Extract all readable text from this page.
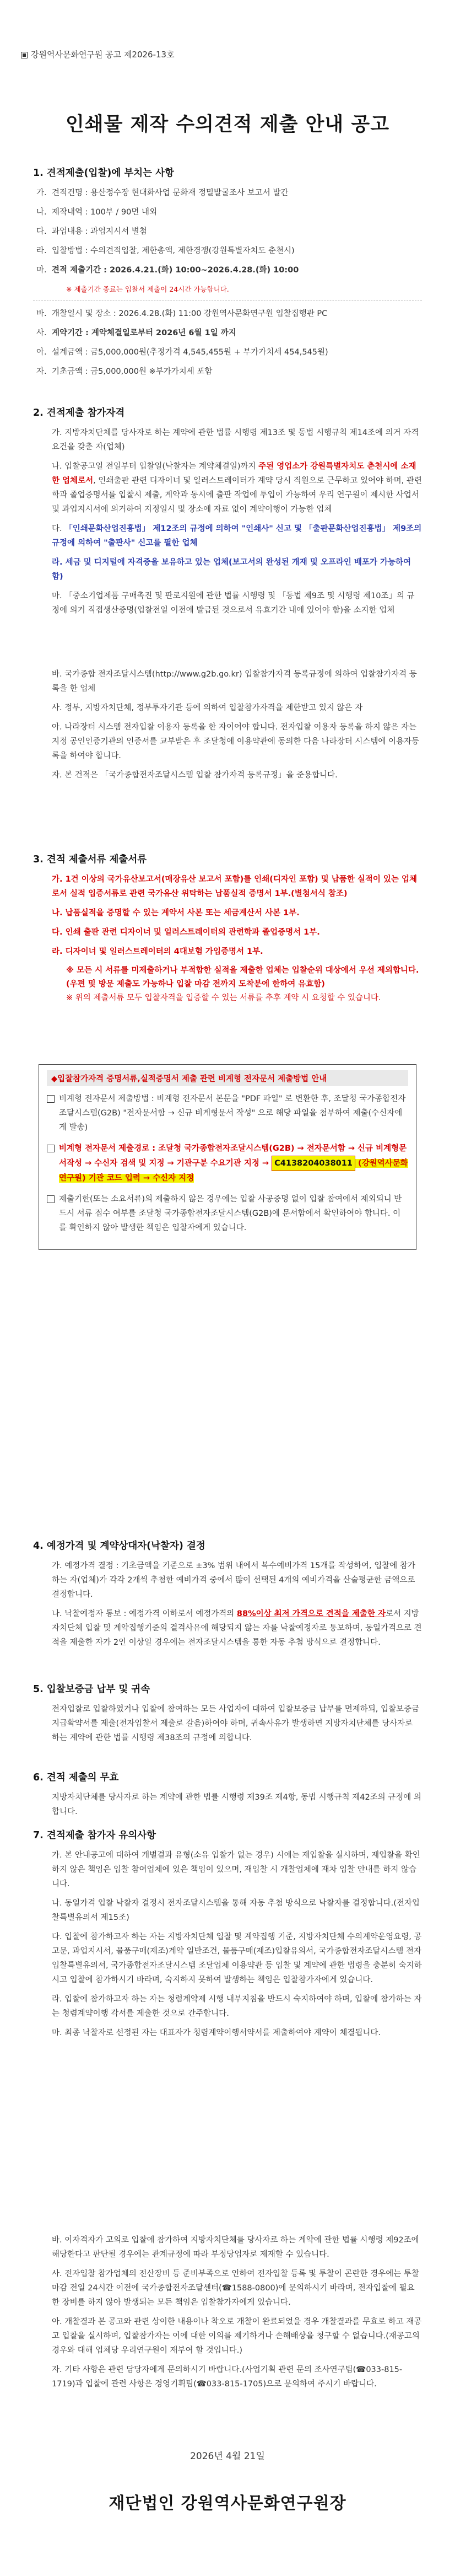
강원역사문화연구원 공고 제2026-13호
인쇄물 제작 수의견적 제출 안내 공고
1. 견적제출(입찰)에 부치는 사항
가. 견적건명 : 용산정수장 현대화사업 문화재 정밀발굴조사 보고서 발간
나. 제작내역 : 100부 / 90면 내외
다. 과업내용 : 과업지시서 별첨
라. 입찰방법 : 수의견적입찰, 제한총액, 제한경쟁(강원특별자치도 춘천시)
마. 견적 제출기간 : 2026.4.21.(화) 10:00~2026.4.28.(화) 10:00
※ 제출기간 종료는 입찰서 제출이 24시간 가능합니다.
바. 개찰일시 및 장소 : 2026.4.28.(화) 11:00 강원역사문화연구원 입찰집행관 PC
사. 계약기간 : 계약체결일로부터 2026년 6월 1일 까지
아. 설계금액 : 금5,000,000원(추정가격 4,545,455원 + 부가가치세 454,545원)
자. 기초금액 : 금5,000,000원 ※부가가치세 포함
2. 견적제출 참가자격
가. 지방자치단체를 당사자로 하는 계약에 관한 법률 시행령 제13조 및 동법 시행규칙 제14조에 의거 자격요건을 갖춘 자(업체)
나. 입찰공고일 전일부터 입찰일(낙찰자는 계약체결일)까지 주된 영업소가 강원특별자치도 춘천시에 소재한 업체로서, 인쇄출판 관련 디자이너 및 일러스트레이터가 계약 당시 직원으로 근무하고 있어야 하며, 관련학과 졸업증명서를 입찰시 제출, 계약과 동시에 출판 작업에 투입이 가능하여 우리 연구원이 제시한 사업서 및 과업지시서에 의거하여 지정일시 및 장소에 자료 없이 계약이행이 가능한 업체
다. 「인쇄문화산업진흥법」 제12조의 규정에 의하여 "인쇄사" 신고 및 「출판문화산업진흥법」 제9조의 규정에 의하여 "출판사" 신고를 필한 업체
라. 세금 및 디지털에 자격증을 보유하고 있는 업체(보고서의 완성된 개재 및 오프라인 배포가 가능하여 함)
마. 「중소기업제품 구매촉진 및 판로지원에 관한 법률 시행령 및 「동법 제9조 및 시행령 제10조」의 규정에 의거 직접생산증명(입찰전일 이전에 발급된 것으로서 유효기간 내에 있어야 함)을 소지한 업체
바. 국가종합 전자조달시스템(http://www.g2b.go.kr) 입찰참가자격 등록규정에 의하여 입찰참가자격 등록을 한 업체
사. 정부, 지방자치단체, 정부투자기관 등에 의하여 입찰참가자격을 제한받고 있지 않은 자
아. 나라장터 시스템 전자입찰 이용자 등록을 한 자이어야 합니다. 전자입찰 이용자 등록을 하지 않은 자는 지정 공인인증기관의 인증서를 교부받은 후 조달청에 이용약관에 동의한 다음 나라장터 시스템에 이용자등록을 하여야 합니다.
자. 본 건적은 「국가종합전자조달시스템 입찰 참가자격 등록규정」을 준용합니다.
3. 견적 제출서류 제출서류
가. 1건 이상의 국가유산보고서(매장유산 보고서 포함)를 인쇄(디자인 포함) 및 납품한 실적이 있는 업체로서 실적 입증서류로 관련 국가유산 위탁하는 납품실적 증명서 1부.(별첨서식 참조)
나. 납품실적을 증명할 수 있는 계약서 사본 또는 세금계산서 사본 1부.
다. 인쇄 출판 관련 디자이너 및 일러스트레이터의 관련학과 졸업증명서 1부.
라. 디자이너 및 일러스트레이터의 4대보험 가입증명서 1부.
※ 모든 시 서류를 미제출하거나 부적합한 실적을 제출한 업체는 입찰순위 대상에서 우선 제외합니다.(우편 및 방문 제출도 가능하나 입찰 마감 전까지 도착분에 한하여 유효함)
※ 위의 제출서류 모두 입찰자격을 입증할 수 있는 서류를 추후 계약 시 요청할 수 있습니다.
◆입찰참가자격 증명서류,실적증명서 제출 관련 비계형 전자문서 제출방법 안내

비계형 전자문서 제출방법 : 비계형 전자문서 본문을 "PDF 파일" 로 변환한 후, 조달청 국가종합전자조달시스템(G2B) "전자문서함 → 신규 비계형문서 작성" 으로 해당 파일을 첨부하여 제출(수신자에게 발송)

비계형 전자문서 제출경로 : 조달청 국가종합전자조달시스템(G2B) → 전자문서함 → 신규 비계형문서작성 → 수신자 검색 및 지정 → 기관구분 수요기관 지정 → C4138204038011 (강원역사문화연구원) 기관 코드 입력 → 수신자 지정

제출기한(또는 소요서류)의 제출하지 않은 경우에는 입찰 사공증명 없이 입찰 참여에서 제외되니 반드시 서류 접수 여부를 조달청 국가종합전자조달시스템(G2B)에 문서함에서 확인하여야 합니다. 이를 확인하지 않아 발생한 책임은 입찰자에게 있습니다.

4. 예정가격 및 계약상대자(낙찰자) 결정
가. 예정가격 결정 : 기초금액을 기준으로 ±3% 범위 내에서 복수예비가격 15개를 작성하여, 입찰에 참가하는 자(업체)가 각각 2개씩 추첨한 예비가격 중에서 많이 선택된 4개의 예비가격을 산술평균한 금액으로 결정합니다.
나. 낙찰예정자 통보 : 예정가격 이하로서 예정가격의 88%이상 최저 가격으로 견적을 제출한 자로서 지방자치단체 입찰 및 계약집행기준의 결격사유에 해당되지 않는 자를 낙찰예정자로 통보하며, 동일가격으로 견적을 제출한 자가 2인 이상일 경우에는 전자조달시스템을 통한 자동 추첨 방식으로 결정합니다.
5. 입찰보증금 납부 및 귀속
전자입찰로 입찰하였거나 입찰에 참여하는 모든 사업자에 대하여 입찰보증금 납부를 면제하되, 입찰보증금 지급확약서를 제출(전자입찰서 제출로 갈음)하여야 하며, 귀속사유가 발생하면 지방자치단체를 당사자로 하는 계약에 관한 법률 시행령 제38조의 규정에 의합니다.
6. 견적 제출의 무효
지방자치단체를 당사자로 하는 계약에 관한 법률 시행령 제39조 제4항, 동법 시행규칙 제42조의 규정에 의합니다.
7. 견적제출 참가자 유의사항
가. 본 안내공고에 대하여 개별결과 유형(소유 입찰가 없는 경우) 시에는 재입찰을 실시하며, 재입찰을 확인하지 않은 책임은 입찰 참여업체에 있은 책임이 있으며, 재입찰 시 개찰업체에 재차 입찰 안내를 하지 않습니다.
나. 동일가격 입찰 낙찰자 결정시 전자조달시스템을 통해 자동 추첨 방식으로 낙찰자를 결정합니다.(전자입찰특별유의서 제15조)
다. 입찰에 참가하고자 하는 자는 지방자치단체 입찰 및 계약집행 기준, 지방자치단체 수의계약운영요령, 공고문, 과업지시서, 물품구매(제조)계약 일반조건, 물품구매(제조)입찰유의서, 국가종합전자조달시스템 전자입찰특별유의서, 국가종합전자조달시스템 조달업체 이용약관 등 입찰 및 계약에 관한 법령을 충분히 숙지하시고 입찰에 참가하시기 바라며, 숙지하지 못하여 발생하는 책임은 입찰참가자에게 있습니다.
라. 입찰에 참가하고자 하는 자는 청렴계약제 시행 내부지침을 반드시 숙지하여야 하며, 입찰에 참가하는 자는 청렴계약이행 각서를 제출한 것으로 간주합니다.
마. 최종 낙찰자로 선정된 자는 대표자가 청렴계약이행서약서를 제출하여야 계약이 체결됩니다.
바. 이자격자가 고의로 입찰에 참가하여 지방자치단체를 당사자로 하는 계약에 관한 법률 시행령 제92조에 해당한다고 판단될 경우에는 관계규정에 따라 부정당업자로 제재할 수 있습니다.
사. 전자입찰 참가업체의 전산장비 등 준비부족으로 인하여 전자입찰 등록 및 투찰이 곤란한 경우에는 투찰마감 전일 24시간 이전에 국가종합전자조달센터(☎1588-0800)에 문의하시기 바라며, 전자입찰에 필요한 장비를 하지 않아 발생되는 모든 책임은 입찰참가자에게 있습니다.
아. 개찰결과 본 공고와 관련 상이한 내용이나 착오로 개찰이 완료되었을 경우 개찰결과를 무효로 하고 재공고 입찰을 실시하며, 입찰참가자는 이에 대한 이의를 제기하거나 손해배상을 청구할 수 없습니다.(재공고의 경우와 대해 업체당 우리연구원이 재부여 할 것입니다.)
자. 기타 사항은 관련 담당자에게 문의하시기 바랍니다.(사업기획 관련 문의 조사연구팀(☎033-815-1719)과 입찰에 관련 사항은 경영기획팀(☎033-815-1705)으로 문의하여 주시기 바랍니다.
2026년 4월 21일
재단법인 강원역사문화연구원장
